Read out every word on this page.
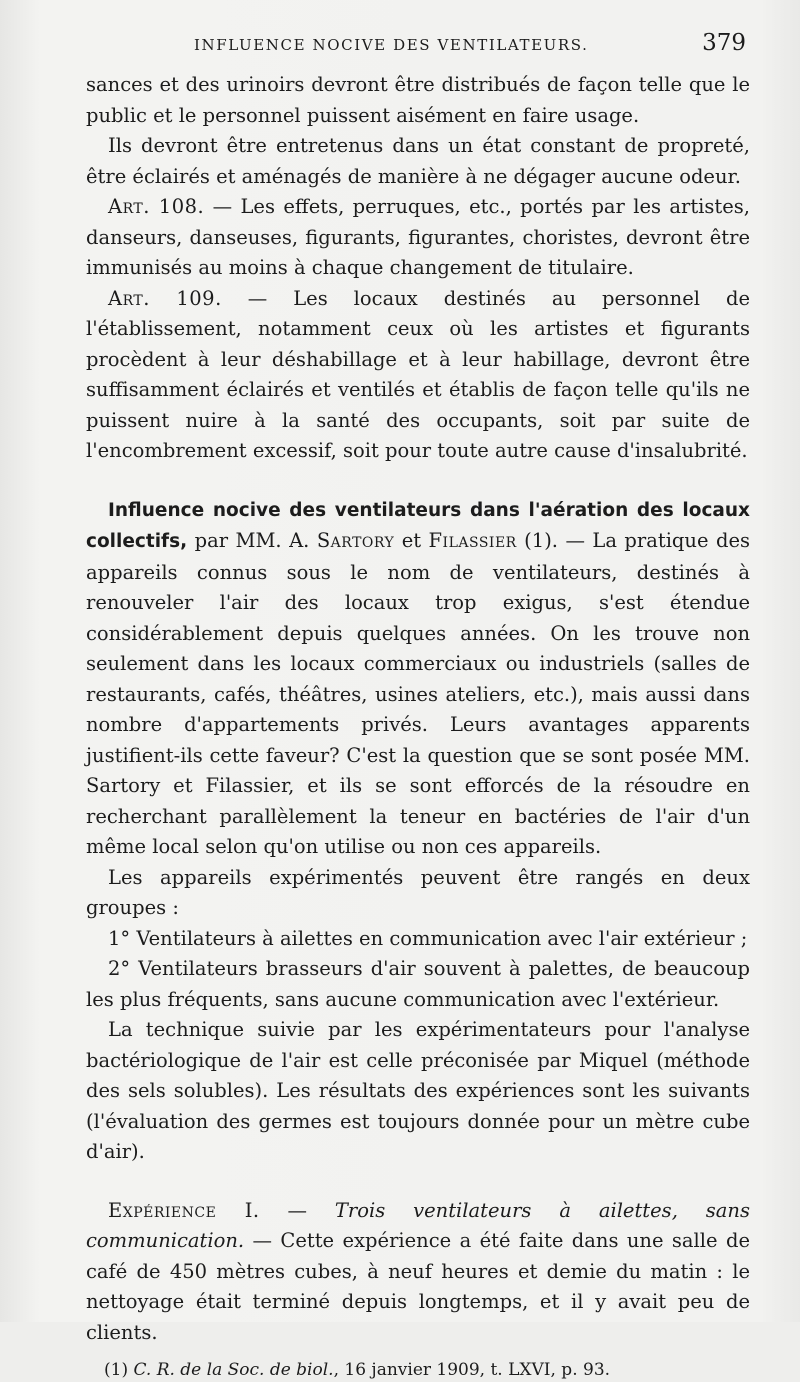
INFLUENCE NOCIVE DES VENTILATEURS.	379

sances et des urinoirs devront être distribués de façon telle que le public et le personnel puissent aisément en faire usage.

Ils devront être entretenus dans un état constant de propreté, être éclairés et aménagés de manière à ne dégager aucune odeur.

Art. 108. — Les effets, perruques, etc., portés par les artistes, danseurs, danseuses, figurants, figurantes, choristes, devront être immunisés au moins à chaque changement de titulaire.

Art. 109. — Les locaux destinés au personnel de l'établissement, notamment ceux où les artistes et figurants procèdent à leur déshabillage et à leur habillage, devront être suffisamment éclairés et ventilés et établis de façon telle qu'ils ne puissent nuire à la santé des occupants, soit par suite de l'encombrement excessif, soit pour toute autre cause d'insalubrité.

Influence nocive des ventilateurs dans l'aération des locaux collectifs, par MM. A. Sartory et Filassier (1). — La pratique des appareils connus sous le nom de ventilateurs, destinés à renouveler l'air des locaux trop exigus, s'est étendue considérablement depuis quelques années. On les trouve non seulement dans les locaux commerciaux ou industriels (salles de restaurants, cafés, théâtres, usines ateliers, etc.), mais aussi dans nombre d'appartements privés. Leurs avantages apparents justifient-ils cette faveur? C'est la question que se sont posée MM. Sartory et Filassier, et ils se sont efforcés de la résoudre en recherchant parallèlement la teneur en bactéries de l'air d'un même local selon qu'on utilise ou non ces appareils.

Les appareils expérimentés peuvent être rangés en deux groupes :

1° Ventilateurs à ailettes en communication avec l'air extérieur ;

2° Ventilateurs brasseurs d'air souvent à palettes, de beaucoup les plus fréquents, sans aucune communication avec l'extérieur.

La technique suivie par les expérimentateurs pour l'analyse bactériologique de l'air est celle préconisée par Miquel (méthode des sels solubles). Les résultats des expériences sont les suivants (l'évaluation des germes est toujours donnée pour un mètre cube d'air).

Expérience I. — Trois ventilateurs à ailettes, sans communication. — Cette expérience a été faite dans une salle de café de 450 mètres cubes, à neuf heures et demie du matin : le nettoyage était terminé depuis longtemps, et il y avait peu de clients.

(1) C. R. de la Soc. de biol., 16 janvier 1909, t. LXVI, p. 93.
